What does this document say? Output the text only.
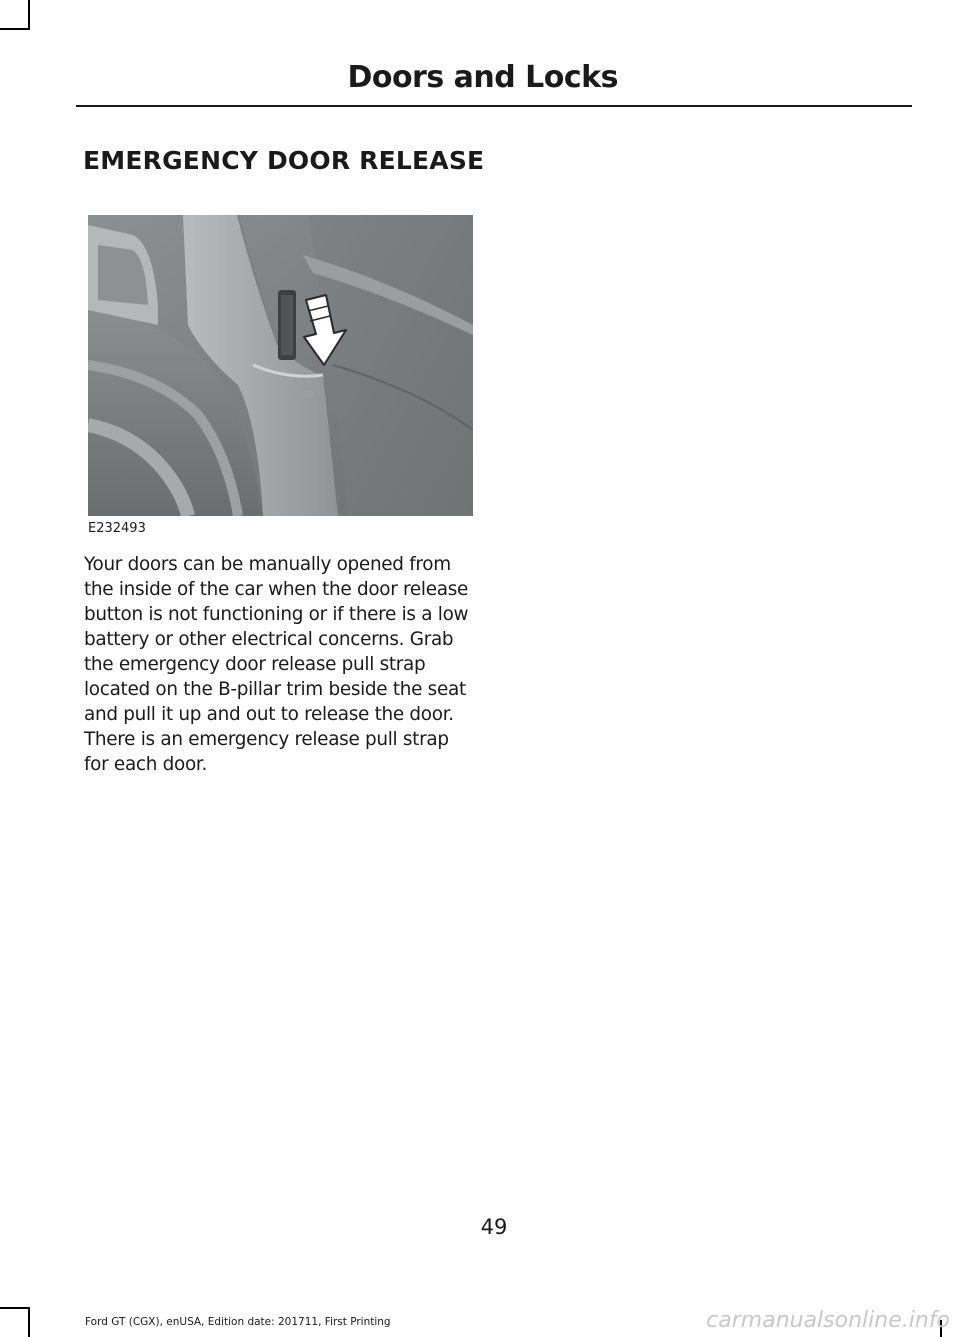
Doors and Locks
EMERGENCY DOOR RELEASE
E232493

Your doors can be manually opened from the inside of the car when the door release button is not functioning or if there is a low battery or other electrical concerns. Grab the emergency door release pull strap located on the B-pillar trim beside the seat and pull it up and out to release the door. There is an emergency release pull strap for each door.

49
Ford GT (CGX), enUSA, Edition date: 201711, First Printing	carmanualsonline.info
